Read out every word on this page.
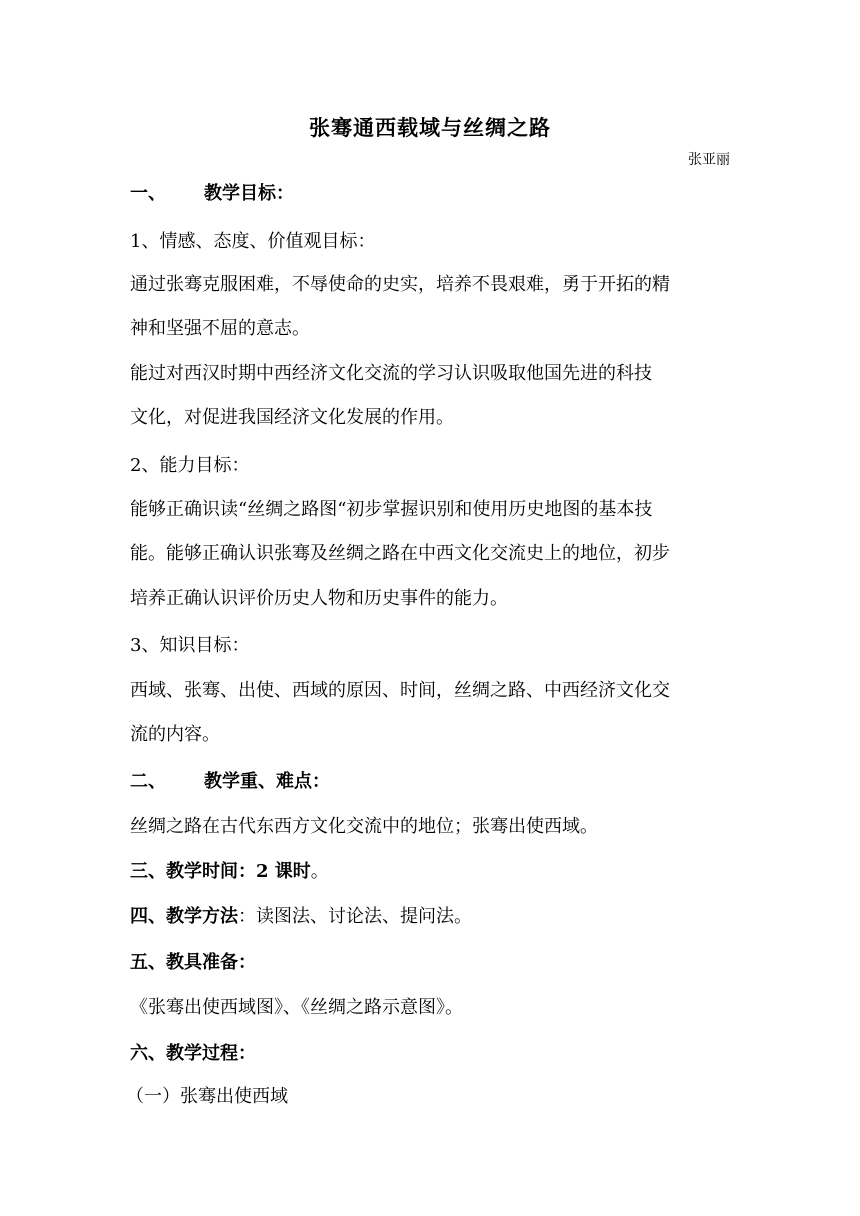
张骞通西载域与丝绸之路
张亚丽
一、 教学目标：
1、情感、态度、价值观目标：
通过张骞克服困难，不辱使命的史实，培养不畏艰难，勇于开拓的精
神和坚强不屈的意志。
能过对西汉时期中西经济文化交流的学习认识吸取他国先进的科技
文化，对促进我国经济文化发展的作用。
2、能力目标：
能够正确识读“丝绸之路图“初步掌握识别和使用历史地图的基本技
能。能够正确认识张骞及丝绸之路在中西文化交流史上的地位，初步
培养正确认识评价历史人物和历史事件的能力。
3、知识目标：
西域、张骞、出使、西域的原因、时间，丝绸之路、中西经济文化交
流的内容。
二、 教学重、难点：
丝绸之路在古代东西方文化交流中的地位；张骞出使西域。
三、教学时间：2 课时。
四、教学方法：读图法、讨论法、提问法。
五、教具准备：
《张骞出使西域图》、《丝绸之路示意图》。
六、教学过程：
（一）张骞出使西域
